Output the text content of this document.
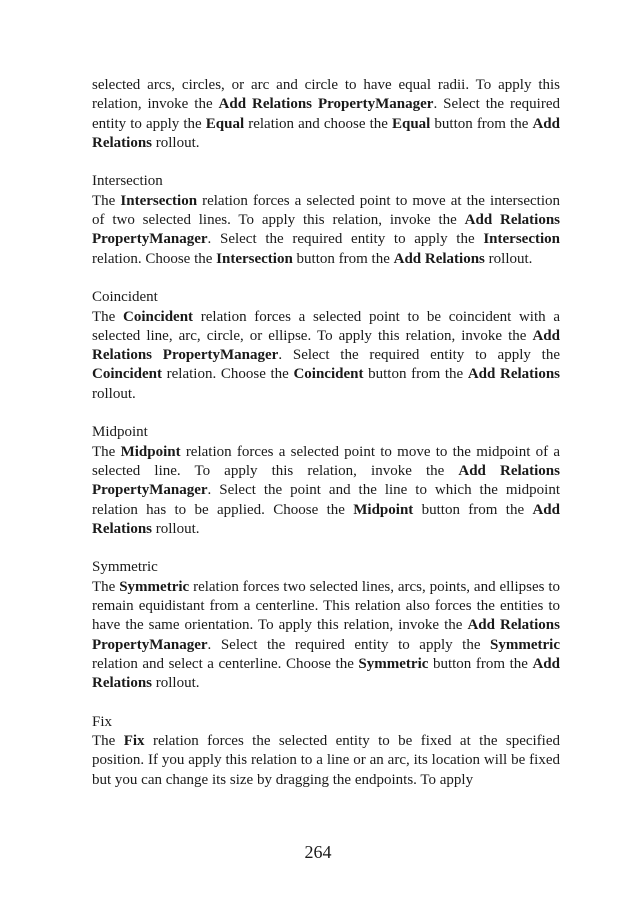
selected arcs, circles, or arc and circle to have equal radii. To apply this relation, invoke the Add Relations PropertyManager. Select the required entity to apply the Equal relation and choose the Equal button from the Add Relations rollout.

Intersection

The Intersection relation forces a selected point to move at the intersection of two selected lines. To apply this relation, invoke the Add Relations PropertyManager. Select the required entity to apply the Intersection relation. Choose the Intersection button from the Add Relations rollout.

Coincident

The Coincident relation forces a selected point to be coincident with a selected line, arc, circle, or ellipse. To apply this relation, invoke the Add Relations PropertyManager. Select the required entity to apply the Coincident relation. Choose the Coincident button from the Add Relations rollout.

Midpoint

The Midpoint relation forces a selected point to move to the midpoint of a selected line. To apply this relation, invoke the Add Relations PropertyManager. Select the point and the line to which the midpoint relation has to be applied. Choose the Midpoint button from the Add Relations rollout.

Symmetric

The Symmetric relation forces two selected lines, arcs, points, and ellipses to remain equidistant from a centerline. This relation also forces the entities to have the same orientation. To apply this relation, invoke the Add Relations PropertyManager. Select the required entity to apply the Symmetric relation and select a centerline. Choose the Symmetric button from the Add Relations rollout.

Fix

The Fix relation forces the selected entity to be fixed at the specified position. If you apply this relation to a line or an arc, its location will be fixed but you can change its size by dragging the endpoints. To apply

264
